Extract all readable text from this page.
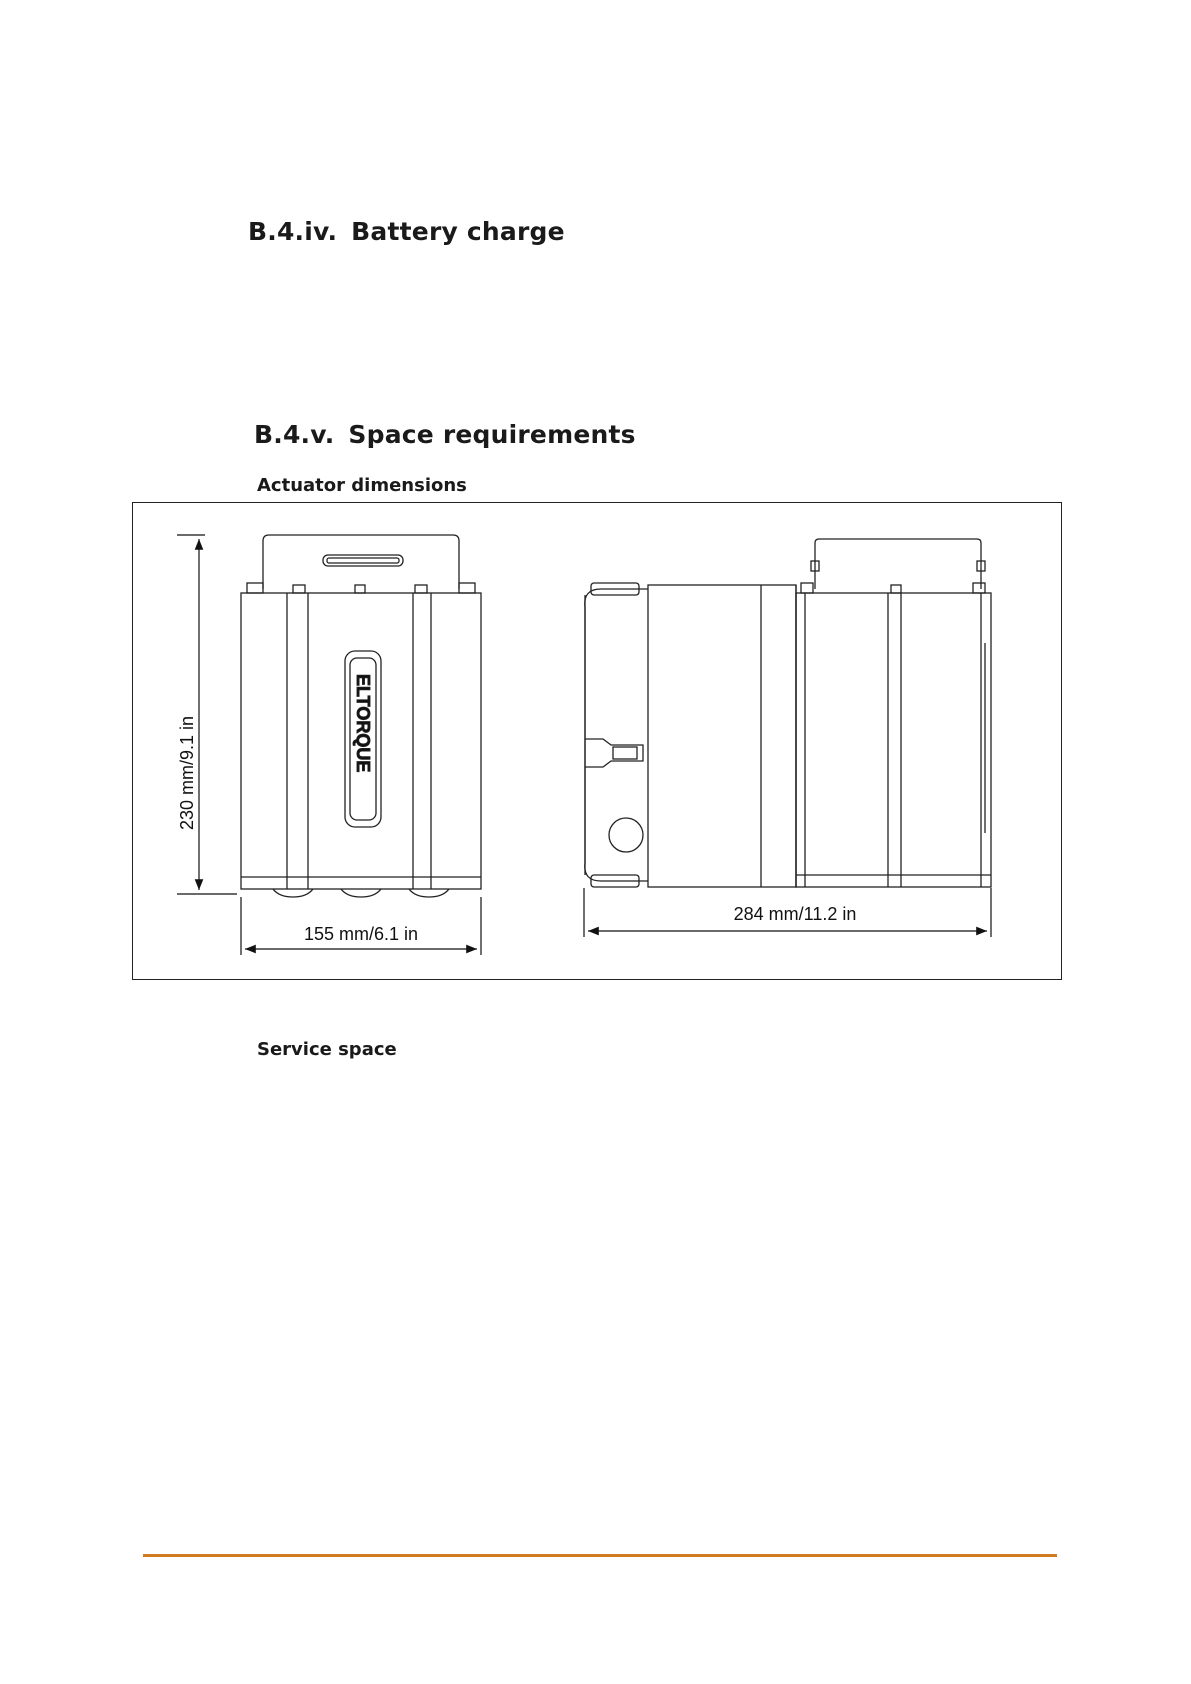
B.4.iv. Battery charge
B.4.v. Space requirements
Actuator dimensions
ELTORQUE
230 mm/9.1 in
155 mm/6.1 in
284 mm/11.2 in
Service space
